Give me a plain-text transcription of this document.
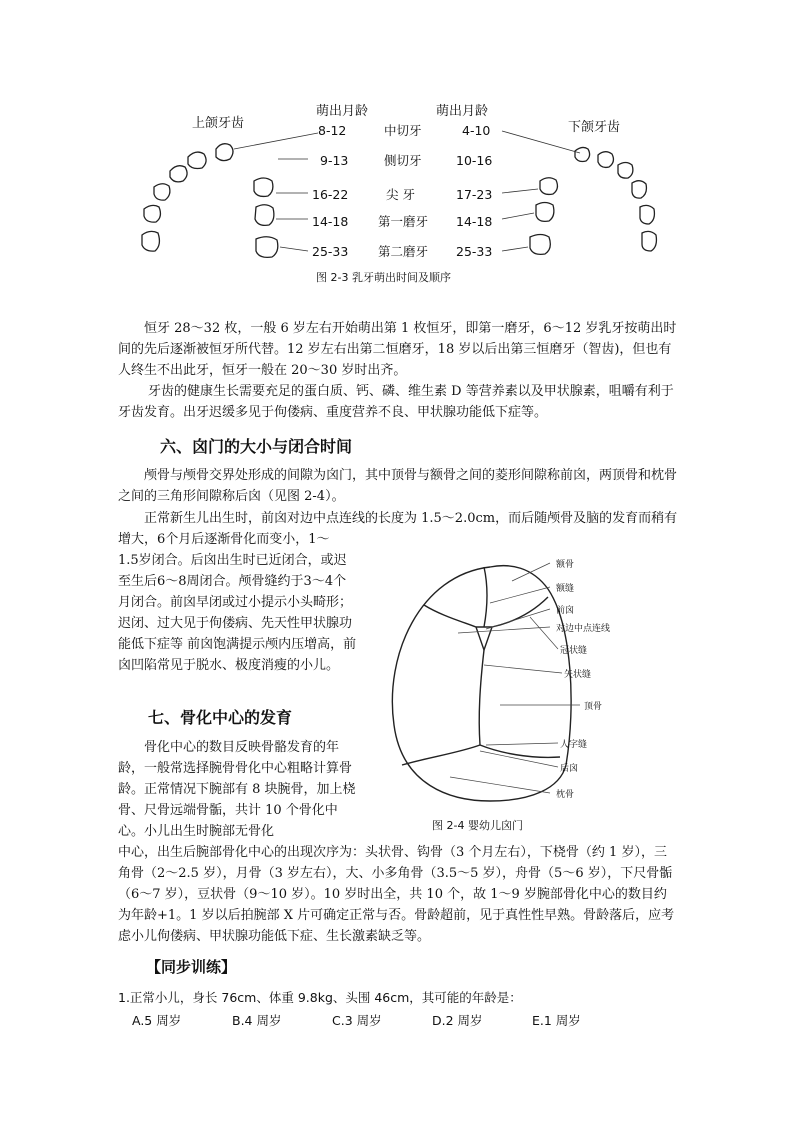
上颌牙齿	下颌牙齿
萌出月龄	萌出月龄
8-12	中切牙	4-10
9-13	侧切牙	10-16
16-22	尖 牙	17-23
14-18 第一磨牙 14-18
25-33 第二磨牙 25-33
图 2-3 乳牙萌出时间及顺序

恒牙 28～32 枚，一般 6 岁左右开始萌出第 1 枚恒牙，即第一磨牙，6～12 岁乳牙按萌出时间的先后逐渐被恒牙所代替。12 岁左右出第二恒磨牙，18 岁以后出第三恒磨牙（智齿)，但也有人终生不出此牙，恒牙一般在 20～30 岁时出齐。

牙齿的健康生长需要充足的蛋白质、钙、磷、维生素 D 等营养素以及甲状腺素，咀嚼有利于牙齿发育。出牙迟缓多见于佝偻病、重度营养不良、甲状腺功能低下症等。

六、囟门的大小与闭合时间

颅骨与颅骨交界处形成的间隙为囟门，其中顶骨与额骨之间的菱形间隙称前囟，两顶骨和枕骨之间的三角形间隙称后囟（见图 2-4）。

正常新生儿出生时，前囟对边中点连线的长度为 1.5～2.0cm，而后随颅骨及脑的发育而稍有增大，6个月后逐渐骨化而变小，1～

1.5岁闭合。后囟出生时已近闭合，或迟至生后6～8周闭合。颅骨缝约于3～4个月闭合。前囟早闭或过小提示小头畸形；迟闭、过大见于佝偻病、先天性甲状腺功能低下症等 前囟饱满提示颅内压增高，前囟凹陷常见于脱水、极度消瘦的小儿。

七、骨化中心的发育

骨化中心的数目反映骨骼发育的年龄，一般常选择腕骨骨化中心粗略计算骨龄。正常情况下腕部有 8 块腕骨，加上桡骨、尺骨远端骨骺，共计 10 个骨化中心。小儿出生时腕部无骨化

中心，出生后腕部骨化中心的出现次序为：头状骨、钩骨（3 个月左右），下桡骨（约 1 岁），三角骨（2～2.5 岁），月骨（3 岁左右），大、小多角骨（3.5～5 岁），舟骨（5～6 岁），下尺骨骺（6～7 岁），豆状骨（9～10 岁）。10 岁时出全，共 10 个，故 1～9 岁腕部骨化中心的数目约为年龄+1。1 岁以后拍腕部 X 片可确定正常与否。骨龄超前，见于真性性早熟。骨龄落后，应考虑小儿佝偻病、甲状腺功能低下症、生长激素缺乏等。

额骨
额缝
前囟
对边中点连线
冠状缝
矢状缝
顶骨
人字缝
后囟
枕骨
图 2-4 婴幼儿囟门
【同步训练】
1.正常小儿，身长 76cm、体重 9.8kg、头围 46cm，其可能的年龄是：
A.5 周岁	B.4 周岁	C.3 周岁	D.2 周岁	E.1 周岁
